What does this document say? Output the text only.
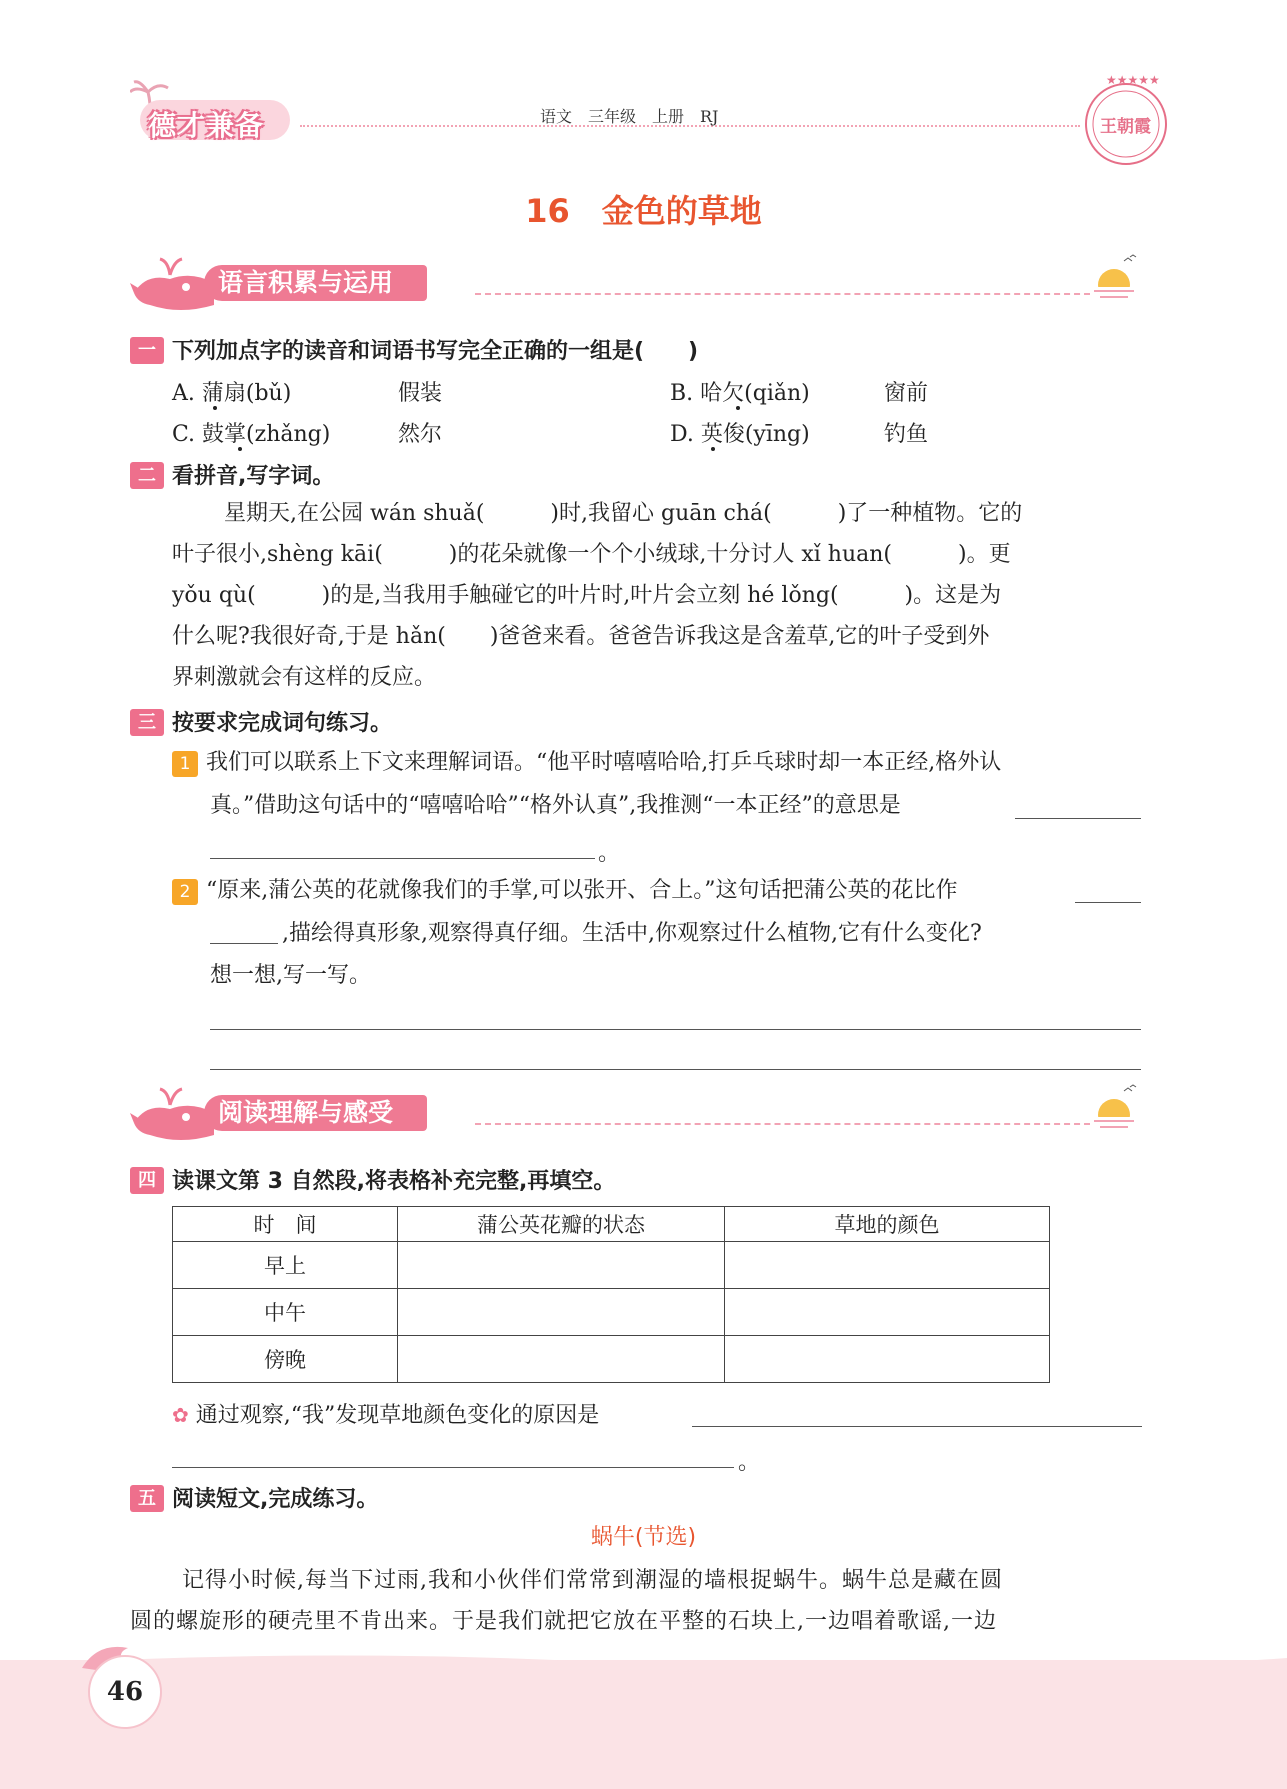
德才兼备	语文　三年级　上册　RJ
★★★★★
王朝霞
16　金色的草地
语言积累与运用
一 下列加点字的读音和词语书写完全正确的一组是(　　)
A. 蒲扇(bǔ)	假装	B. 哈欠(qiǎn)	窗前
C. 鼓掌(zhǎng)	然尔	D. 英俊(yīng)	钓鱼
二 看拼音,写字词。
星期天,在公园 wán shuǎ(　　　)时,我留心 guān chá(　　　)了一种植物。它的
叶子很小,shèng kāi(　　　)的花朵就像一个个小绒球,十分讨人 xǐ huan(　　　)。更
yǒu qù(　　　)的是,当我用手触碰它的叶片时,叶片会立刻 hé lǒng(　　　)。这是为
什么呢?我很好奇,于是 hǎn(　　)爸爸来看。爸爸告诉我这是含羞草,它的叶子受到外
界刺激就会有这样的反应。
三 按要求完成词句练习。
1 我们可以联系上下文来理解词语。“他平时嘻嘻哈哈,打乒乓球时却一本正经,格外认
真。”借助这句话中的“嘻嘻哈哈”“格外认真”,我推测“一本正经”的意思是
。
2 “原来,蒲公英的花就像我们的手掌,可以张开、合上。”这句话把蒲公英的花比作
,描绘得真形象,观察得真仔细。生活中,你观察过什么植物,它有什么变化?
想一想,写一写。
阅读理解与感受
四 读课文第 3 自然段,将表格补充完整,再填空。
时　间	蒲公英花瓣的状态	草地的颜色
早上		
中午		
傍晚		
✿ 通过观察,“我”发现草地颜色变化的原因是
。
五 阅读短文,完成练习。
蜗牛(节选)
记得小时候,每当下过雨,我和小伙伴们常常到潮湿的墙根捉蜗牛。蜗牛总是藏在圆
圆的螺旋形的硬壳里不肯出来。于是我们就把它放在平整的石块上,一边唱着歌谣,一边
46
